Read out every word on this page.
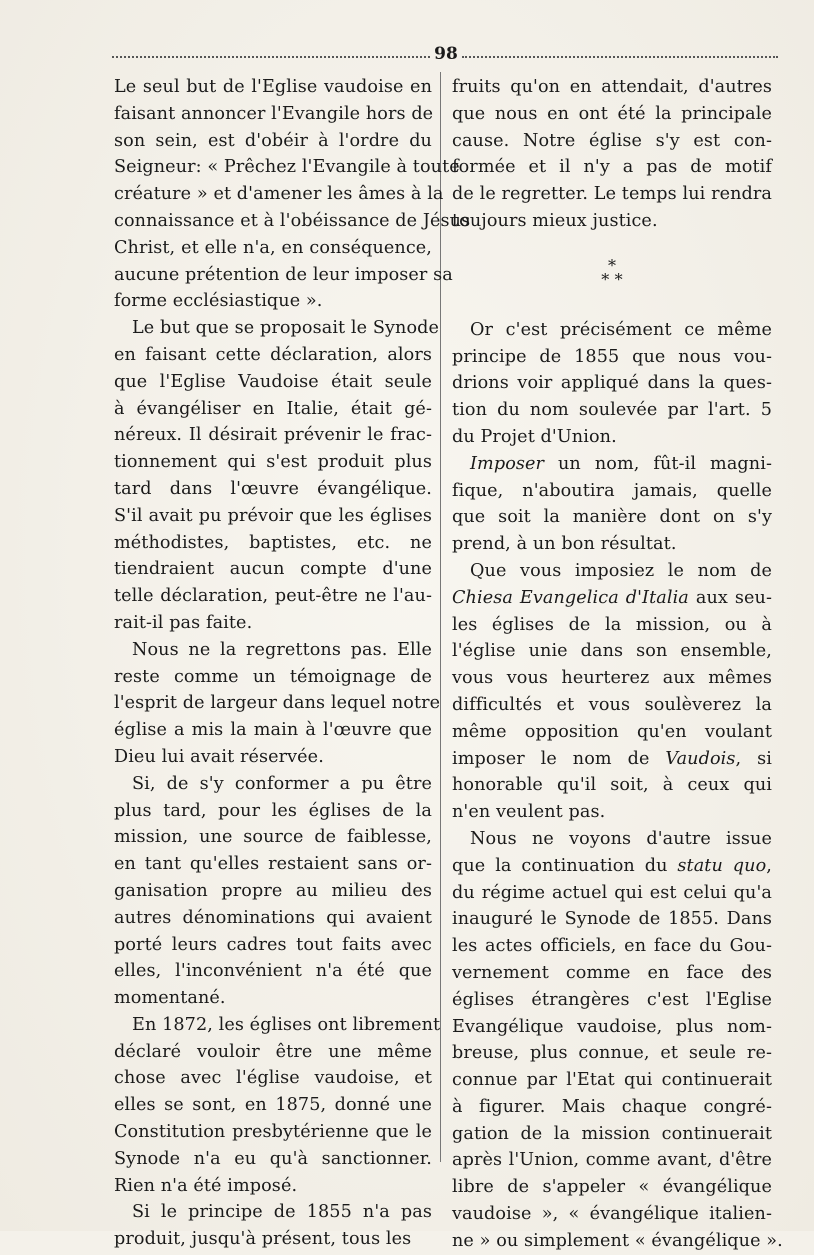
98
Le seul but de l'Eglise vaudoise en
faisant annoncer l'Evangile hors de
son sein, est d'obéir à l'ordre du
Seigneur: « Prêchez l'Evangile à toute
créature » et d'amener les âmes à la
connaissance et à l'obéissance de Jésus
Christ, et elle n'a, en conséquence,
aucune prétention de leur imposer sa
forme ecclésiastique ».
Le but que se proposait le Synode
en faisant cette déclaration, alors
que l'Eglise Vaudoise était seule
à évangéliser en Italie, était gé-
néreux. Il désirait prévenir le frac-
tionnement qui s'est produit plus
tard dans l'œuvre évangélique.
S'il avait pu prévoir que les églises
méthodistes, baptistes, etc. ne
tiendraient aucun compte d'une
telle déclaration, peut-être ne l'au-
rait-il pas faite.
Nous ne la regrettons pas. Elle
reste comme un témoignage de
l'esprit de largeur dans lequel notre
église a mis la main à l'œuvre que
Dieu lui avait réservée.
Si, de s'y conformer a pu être
plus tard, pour les églises de la
mission, une source de faiblesse,
en tant qu'elles restaient sans or-
ganisation propre au milieu des
autres dénominations qui avaient
porté leurs cadres tout faits avec
elles, l'inconvénient n'a été que
momentané.
En 1872, les églises ont librement
déclaré vouloir être une même
chose avec l'église vaudoise, et
elles se sont, en 1875, donné une
Constitution presbytérienne que le
Synode n'a eu qu'à sanctionner.
Rien n'a été imposé.
Si le principe de 1855 n'a pas
produit, jusqu'à présent, tous les
fruits qu'on en attendait, d'autres
que nous en ont été la principale
cause. Notre église s'y est con-
formée et il n'y a pas de motif
de le regretter. Le temps lui rendra
toujours mieux justice.
*
* *
Or c'est précisément ce même
principe de 1855 que nous vou-
drions voir appliqué dans la ques-
tion du nom soulevée par l'art. 5
du Projet d'Union.
Imposer un nom, fût-il magni-
fique, n'aboutira jamais, quelle
que soit la manière dont on s'y
prend, à un bon résultat.
Que vous imposiez le nom de
Chiesa Evangelica d'Italia aux seu-
les églises de la mission, ou à
l'église unie dans son ensemble,
vous vous heurterez aux mêmes
difficultés et vous soulèverez la
même opposition qu'en voulant
imposer le nom de Vaudois, si
honorable qu'il soit, à ceux qui
n'en veulent pas.
Nous ne voyons d'autre issue
que la continuation du statu quo,
du régime actuel qui est celui qu'a
inauguré le Synode de 1855. Dans
les actes officiels, en face du Gou-
vernement comme en face des
églises étrangères c'est l'Eglise
Evangélique vaudoise, plus nom-
breuse, plus connue, et seule re-
connue par l'Etat qui continuerait
à figurer. Mais chaque congré-
gation de la mission continuerait
après l'Union, comme avant, d'être
libre de s'appeler « évangélique
vaudoise », « évangélique italien-
ne » ou simplement « évangélique ».
